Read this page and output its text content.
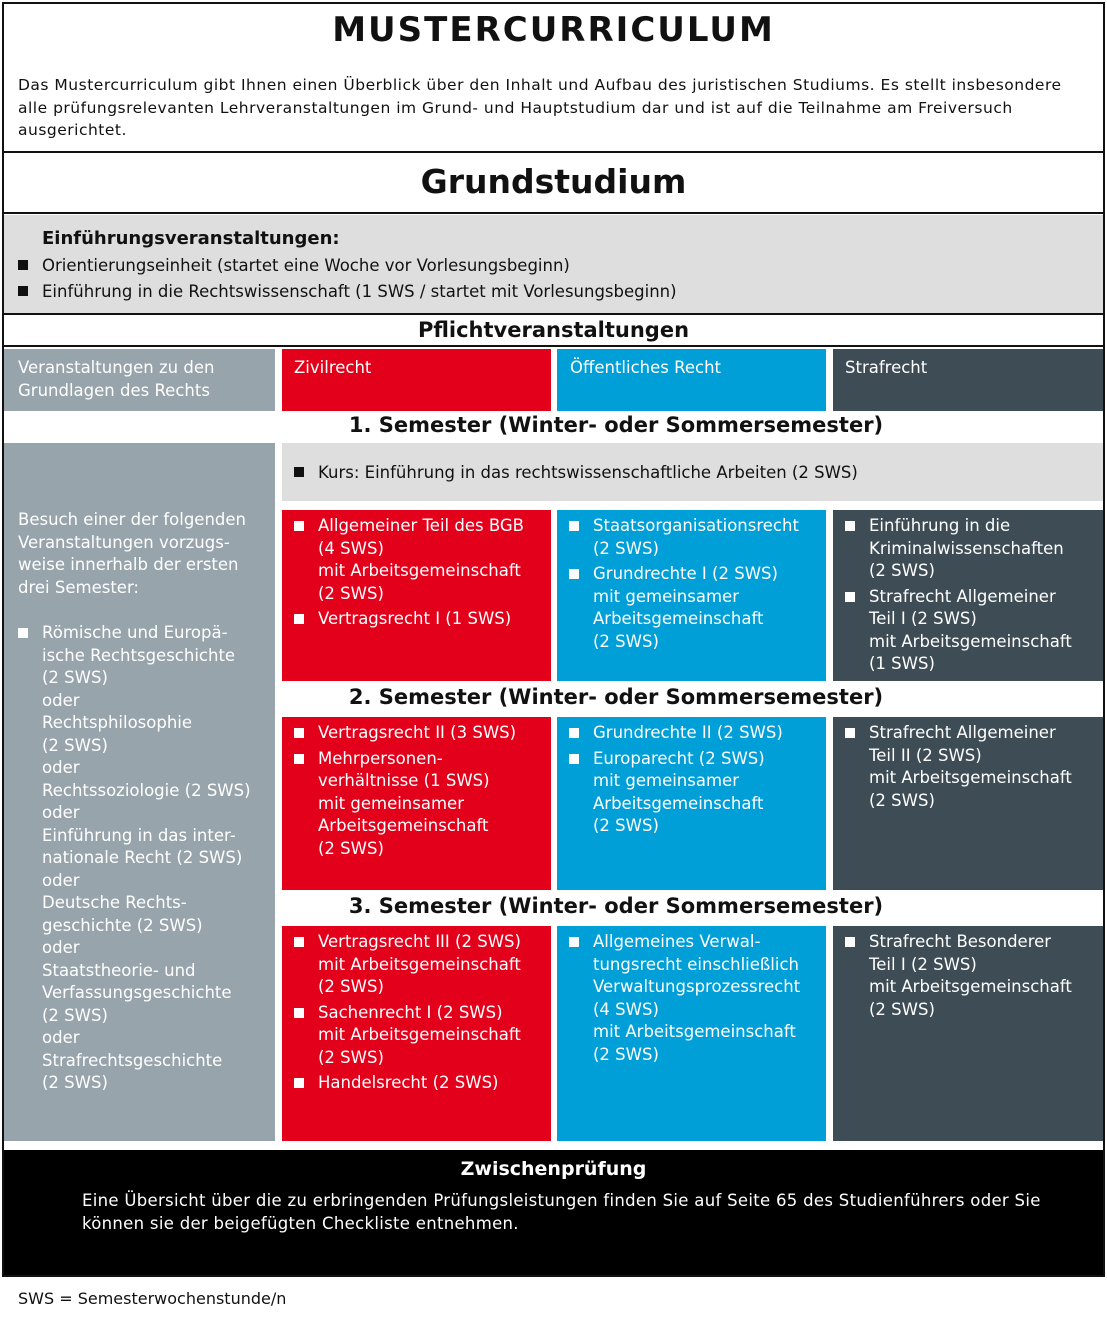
MUSTERCURRICULUM
Das Mustercurriculum gibt Ihnen einen Überblick über den Inhalt und Aufbau des juristischen Studiums. Es stellt insbesondere alle prüfungsrelevanten Lehrveranstaltungen im Grund- und Hauptstudium dar und ist auf die Teilnahme am Freiversuch ausgerichtet.
Grundstudium
Einführungsveranstaltungen:
Orientierungseinheit (startet eine Woche vor Vorlesungsbeginn)
Einführung in die Rechtswissenschaft (1 SWS / startet mit Vorlesungsbeginn)
Pflichtveranstaltungen
Veranstaltungen zu den
Grundlagen des Rechts
Zivilrecht	Öffentliches Recht	Strafrecht
1. Semester (Winter- oder Sommersemester)
Besuch einer der folgenden
Veranstaltungen vorzugs-
weise innerhalb der ersten
drei Semester:
Römische und Europä-
ische Rechtsgeschichte
(2 SWS)
oder
Rechtsphilosophie
(2 SWS)
oder
Rechtssoziologie (2 SWS)
oder
Einführung in das inter-
nationale Recht (2 SWS)
oder
Deutsche Rechts-
geschichte (2 SWS)
oder
Staatstheorie- und
Verfassungsgeschichte
(2 SWS)
oder
Strafrechtsgeschichte
(2 SWS)
Kurs: Einführung in das rechtswissenschaftliche Arbeiten (2 SWS)
Allgemeiner Teil des BGB
(4 SWS)
mit Arbeitsgemeinschaft
(2 SWS)
Vertragsrecht I (1 SWS)
Staatsorganisationsrecht
(2 SWS)
Grundrechte I (2 SWS)
mit gemeinsamer
Arbeitsgemeinschaft
(2 SWS)
Einführung in die
Kriminalwissenschaften
(2 SWS)
Strafrecht Allgemeiner
Teil I (2 SWS)
mit Arbeitsgemeinschaft
(1 SWS)
2. Semester (Winter- oder Sommersemester)
Vertragsrecht II (3 SWS)
Mehrpersonen-
verhältnisse (1 SWS)
mit gemeinsamer
Arbeitsgemeinschaft
(2 SWS)
Grundrechte II (2 SWS)
Europarecht (2 SWS)
mit gemeinsamer
Arbeitsgemeinschaft
(2 SWS)
Strafrecht Allgemeiner
Teil II (2 SWS)
mit Arbeitsgemeinschaft
(2 SWS)
3. Semester (Winter- oder Sommersemester)
Vertragsrecht III (2 SWS)
mit Arbeitsgemeinschaft
(2 SWS)
Sachenrecht I (2 SWS)
mit Arbeitsgemeinschaft
(2 SWS)
Handelsrecht (2 SWS)
Allgemeines Verwal-
tungsrecht einschließlich
Verwaltungsprozessrecht
(4 SWS)
mit Arbeitsgemeinschaft
(2 SWS)
Strafrecht Besonderer
Teil I (2 SWS)
mit Arbeitsgemeinschaft
(2 SWS)
Zwischenprüfung
Eine Übersicht über die zu erbringenden Prüfungsleistungen finden Sie auf Seite 65 des Studienführers oder Sie können sie der beigefügten Checkliste entnehmen.
SWS = Semesterwochenstunde/n
